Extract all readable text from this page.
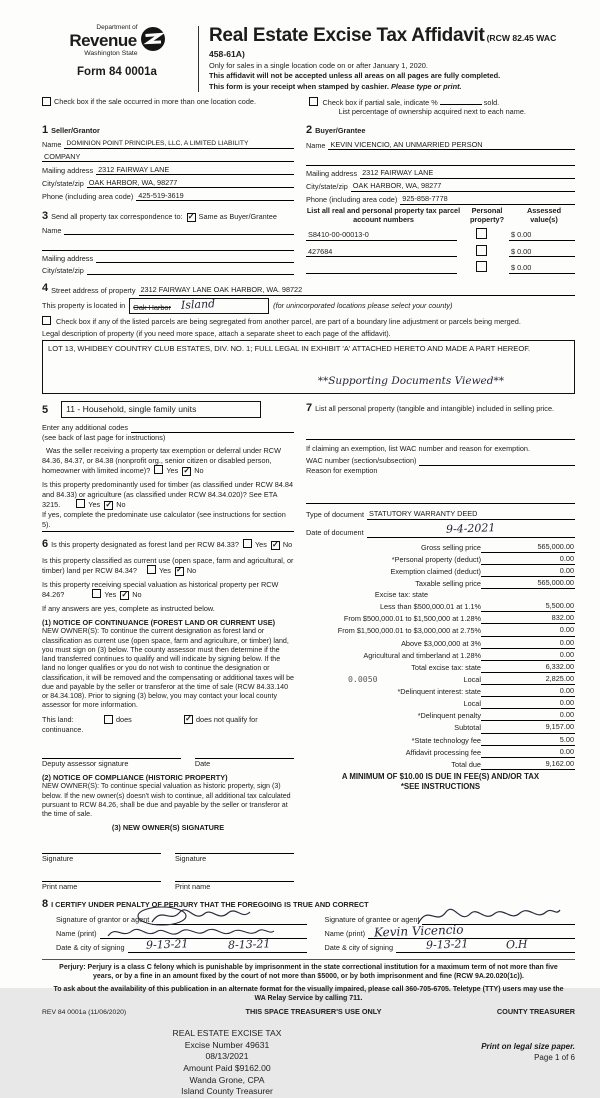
Department of
Revenue
Washington State
Form 84 0001a
Real Estate Excise Tax Affidavit (RCW 82.45 WAC 458-61A)
Only for sales in a single location code on or after January 1, 2020.
This affidavit will not be accepted unless all areas on all pages are fully completed.
This form is your receipt when stamped by cashier. Please type or print.
Check box if the sale occurred in more than one location code.	Check box if partial sale, indicate %	sold.
List percentage of ownership acquired next to each name.
1 Seller/Grantor
Name DOMINION POINT PRINCIPLES, LLC, A LIMITED LIABILITY
COMPANY
Mailing address 2312 FAIRWAY LANE
City/state/zip OAK HARBOR, WA, 98277
Phone (including area code) 425-519-3619
3 Send all property tax correspondence to: ✓ Same as Buyer/Grantee
Name
Mailing address
City/state/zip
2 Buyer/Grantee
Name KEVIN VICENCIO, AN UNMARRIED PERSON
Mailing address 2312 FAIRWAY LANE
City/state/zip OAK HARBOR, WA, 98277
Phone (including area code) 925-858-7778
List all real and personal property tax parcel account numbers
Personal property?
Assessed value(s)
S8410-00-00013-0	$ 0.00
427684	$ 0.00
$ 0.00
4 Street address of property 2312 FAIRWAY LANE OAK HARBOR, WA. 98722
This property is located in Oak Harbor Island	(for unincorporated locations please select your county)
Check box if any of the listed parcels are being segregated from another parcel, are part of a boundary line adjustment or parcels being merged.
Legal description of property (if you need more space, attach a separate sheet to each page of the affidavit).
LOT 13, WHIDBEY COUNTRY CLUB ESTATES, DIV. NO. 1; FULL LEGAL IN EXHIBIT 'A' ATTACHED HERETO AND MADE A PART HEREOF.
**Supporting Documents Viewed**
5	11 - Household, single family units
Enter any additional codes
(see back of last page for instructions)
Was the seller receiving a property tax exemption or deferral under RCW 84.36, 84.37, or 84.38 (nonprofit org., senior citizen or disabled person, homeowner with limited income)? Yes ✓ No
Is this property predominantly used for timber (as classified under RCW 84.84 and 84.33) or agriculture (as classified under RCW 84.34.020)? See ETA 3215.	Yes ✓ No
If yes, complete the predominate use calculator (see instructions for section 5).
6 Is this property designated as forest land per RCW 84.33? Yes✓ No
Is this property classified as current use (open space, farm and agricultural, or timber) land per RCW 84.34?	Yes ✓ No
Is this property receiving special valuation as historical property per RCW 84.26?	Yes ✓ No
If any answers are yes, complete as instructed below.
(1) NOTICE OF CONTINUANCE (FOREST LAND OR CURRENT USE)
NEW OWNER(S): To continue the current designation as forest land or classification as current use (open space, farm and agriculture, or timber) land, you must sign on (3) below. The county assessor must then determine if the land transferred continues to qualify and will indicate by signing below. If the land no longer qualifies or you do not wish to continue the designation or classification, it will be removed and the compensating or additional taxes will be due and payable by the seller or transferor at the time of sale (RCW 84.33.140 or 84.34.108). Prior to signing (3) below, you may contact your local county assessor for more information.
This land:	does ✓	does not qualify for
continuance.
Deputy assessor signature	Date
(2) NOTICE OF COMPLIANCE (HISTORIC PROPERTY)
NEW OWNER(S): To continue special valuation as historic property, sign (3) below. If the new owner(s) doesn't wish to continue, all additional tax calculated pursuant to RCW 84.26, shall be due and payable by the seller or transferor at the time of sale.
(3) NEW OWNER(S) SIGNATURE
Signature	Signature
Print name	Print name
7 List all personal property (tangible and intangible) included in selling price.
If claiming an exemption, list WAC number and reason for exemption.
WAC number (section/subsection)
Reason for exemption
Type of document STATUTORY WARRANTY DEED
Date of document	9-4-2021
Gross selling price	565,000.00
*Personal property (deduct)	0.00
Exemption claimed (deduct)	0.00
Taxable selling price	565,000.00
Excise tax: state
Less than $500,000.01 at 1.1%	5,500.00
From $500,000.01 to $1,500,000 at 1.28%	832.00
From $1,500,000.01 to $3,000,000 at 2.75%	0.00
Above $3,000,000 at 3%	0.00
Agricultural and timberland at 1.28%	0.00
Total excise tax: state	6,332.00
0.0050	Local	2,825.00
*Delinquent interest: state	0.00
Local	0.00
*Delinquent penalty	0.00
Subtotal	9,157.00
*State technology fee	5.00
Affidavit processing fee	0.00
Total due	9,162.00
A MINIMUM OF $10.00 IS DUE IN FEE(S) AND/OR TAX
*SEE INSTRUCTIONS
8 I CERTIFY UNDER PENALTY OF PERJURY THAT THE FOREGOING IS TRUE AND CORRECT
Signature of grantor or agent
Name (print)
Date & city of signing 9-13-21	8-13-21
Signature of grantee or agent
Name (print) Kevin Vicencio
Date & city of signing	9-13-21	O.H

Perjury: Perjury is a class C felony which is punishable by imprisonment in the state correctional institution for a maximum term of not more than five years, or by a fine in an amount fixed by the court of not more than $5000, or by both imprisonment and fine (RCW 9A.20.020(1c)).

To ask about the availability of this publication in an alternate format for the visually impaired, please call 360-705-6705. Teletype (TTY) users may use the WA Relay Service by calling 711.

REV 84 0001a (11/06/2020)	THIS SPACE TREASURER'S USE ONLY	COUNTY TREASURER
REAL ESTATE EXCISE TAX
Excise Number 49631
08/13/2021
Amount Paid $9162.00
Wanda Grone, CPA
Island County Treasurer
Print on legal size paper.
Page 1 of 6
